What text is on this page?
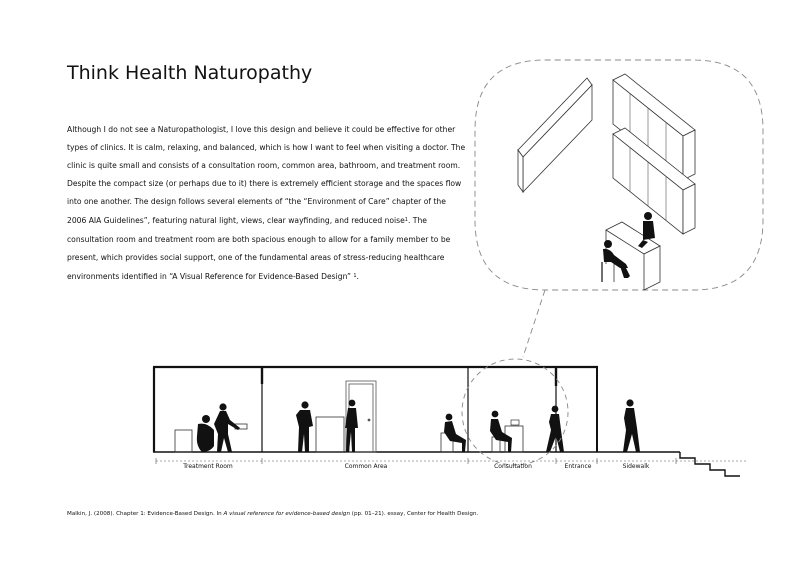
Think Health Naturopathy

Although I do not see a Naturopathologist, I love this design and believe it could be effective for other types of clinics. It is calm, relaxing, and balanced, which is how I want to feel when visiting a doctor. The clinic is quite small and consists of a consultation room, common area, bathroom, and treatment room. Despite the compact size (or perhaps due to it) there is extremely efficient storage and the spaces flow into one another. The design follows several elements of “the “Environment of Care” chapter of the 2006 AIA Guidelines”, featuring natural light, views, clear wayfinding, and reduced noise$^1$. The consultation room and treatment room are both spacious enough to allow for a family member to be present, which provides social support, one of the fundamental areas of stress-reducing healthcare environments identified in “A Visual Reference for Evidence-Based Design” $^1$.

Treatment Room	Common Area	Consultation	Entrance	Sidewalk

Malkin, J. (2008). Chapter 1: Evidence-Based Design. In A visual reference for evidence-based design (pp. 01–21). essay, Center for Health Design.
